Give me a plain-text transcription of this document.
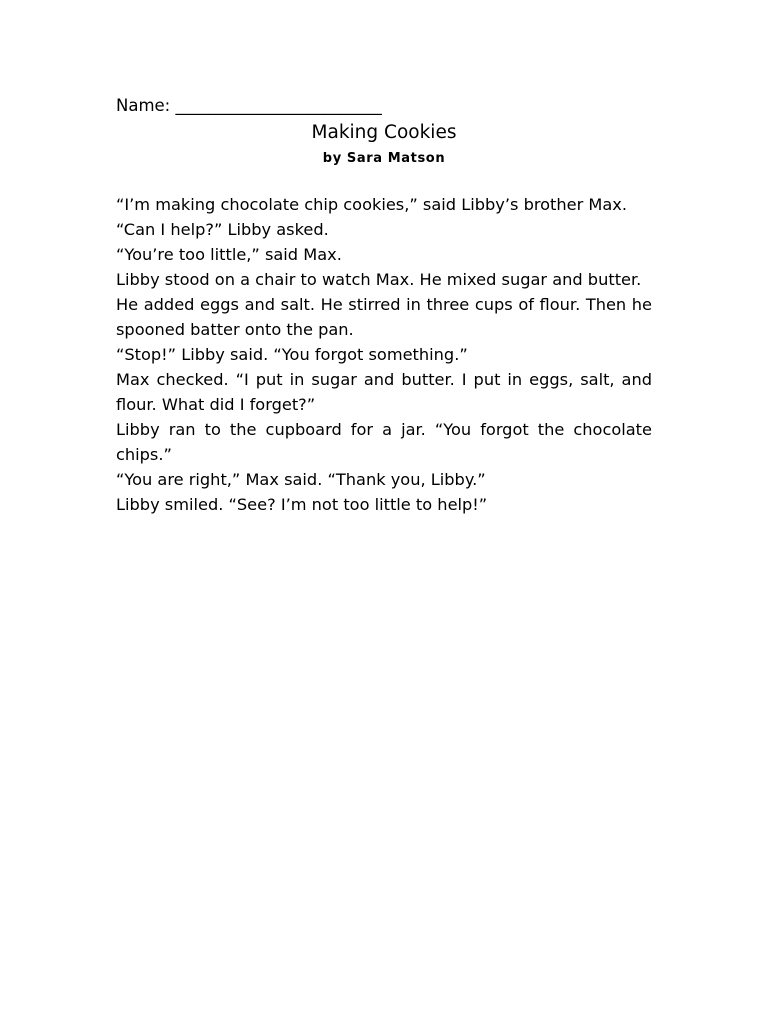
Name: _________________________
Making Cookies
by Sara Matson

“I’m making chocolate chip cookies,” said Libby’s brother Max.

“Can I help?” Libby asked.

“You’re too little,” said Max.

Libby stood on a chair to watch Max. He mixed sugar and butter.

He added eggs and salt. He stirred in three cups of flour. Then he spooned batter onto the pan.

“Stop!” Libby said. “You forgot something.”

Max checked. “I put in sugar and butter. I put in eggs, salt, and flour. What did I forget?”

Libby ran to the cupboard for a jar. “You forgot the chocolate chips.”

“You are right,” Max said. “Thank you, Libby.”

Libby smiled. “See? I’m not too little to help!”
